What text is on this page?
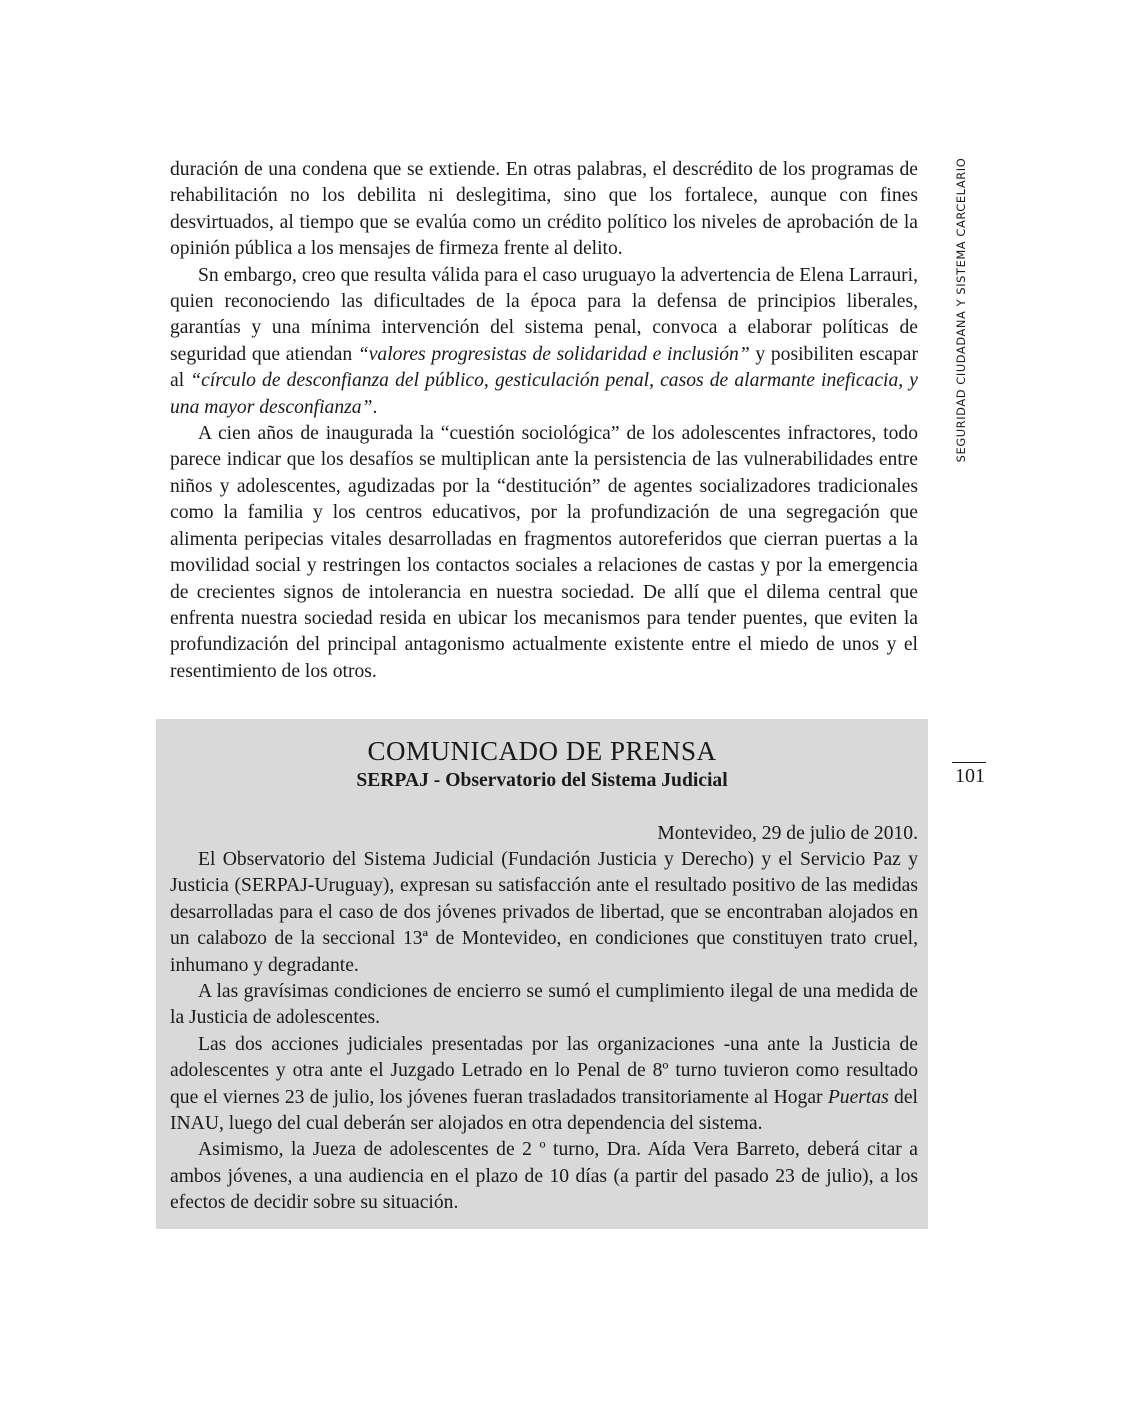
duración de una condena que se extiende. En otras palabras, el descrédito de los programas de rehabilitación no los debilita ni deslegitima, sino que los fortalece, aunque con fines desvirtuados, al tiempo que se evalúa como un crédito político los niveles de aprobación de la opinión pública a los mensajes de firmeza frente al delito.

Sn embargo, creo que resulta válida para el caso uruguayo la advertencia de Elena Larrauri, quien reconociendo las dificultades de la época para la defensa de principios liberales, garantías y una mínima intervención del sistema penal, convoca a elaborar políticas de seguridad que atiendan “valores progresistas de solidaridad e inclusión” y posibiliten escapar al “círculo de desconfianza del público, gesticulación penal, casos de alarmante ineficacia, y una mayor desconfianza”.

A cien años de inaugurada la “cuestión sociológica” de los adolescentes infractores, todo parece indicar que los desafíos se multiplican ante la persistencia de las vulnerabilidades entre niños y adolescentes, agudizadas por la “destitución” de agentes socializadores tradicionales como la familia y los centros educativos, por la profundización de una segregación que alimenta peripecias vitales desarrolladas en fragmentos autoreferidos que cierran puertas a la movilidad social y restringen los contactos sociales a relaciones de castas y por la emergencia de crecientes signos de intolerancia en nuestra sociedad. De allí que el dilema central que enfrenta nuestra sociedad resida en ubicar los mecanismos para tender puentes, que eviten la profundización del principal antagonismo actualmente existente entre el miedo de unos y el resentimiento de los otros.

SEGURIDAD CIUDADANA Y SISTEMA CARCELARIO
101
COMUNICADO DE PRENSA
SERPAJ - Observatorio del Sistema Judicial
Montevideo, 29 de julio de 2010.

El Observatorio del Sistema Judicial (Fundación Justicia y Derecho) y el Servicio Paz y Justicia (SERPAJ-Uruguay), expresan su satisfacción ante el resultado positivo de las medidas desarrolladas para el caso de dos jóvenes privados de libertad, que se encontraban alojados en un calabozo de la seccional 13ª de Montevideo, en condiciones que constituyen trato cruel, inhumano y degradante.

A las gravísimas condiciones de encierro se sumó el cumplimiento ilegal de una medida de la Justicia de adolescentes.

Las dos acciones judiciales presentadas por las organizaciones -una ante la Justicia de adolescentes y otra ante el Juzgado Letrado en lo Penal de 8º turno tuvieron como resultado que el viernes 23 de julio, los jóvenes fueran trasladados transitoriamente al Hogar Puertas del INAU, luego del cual deberán ser alojados en otra dependencia del sistema.

Asimismo, la Jueza de adolescentes de 2 º turno, Dra. Aída Vera Barreto, deberá citar a ambos jóvenes, a una audiencia en el plazo de 10 días (a partir del pasado 23 de julio), a los efectos de decidir sobre su situación.
